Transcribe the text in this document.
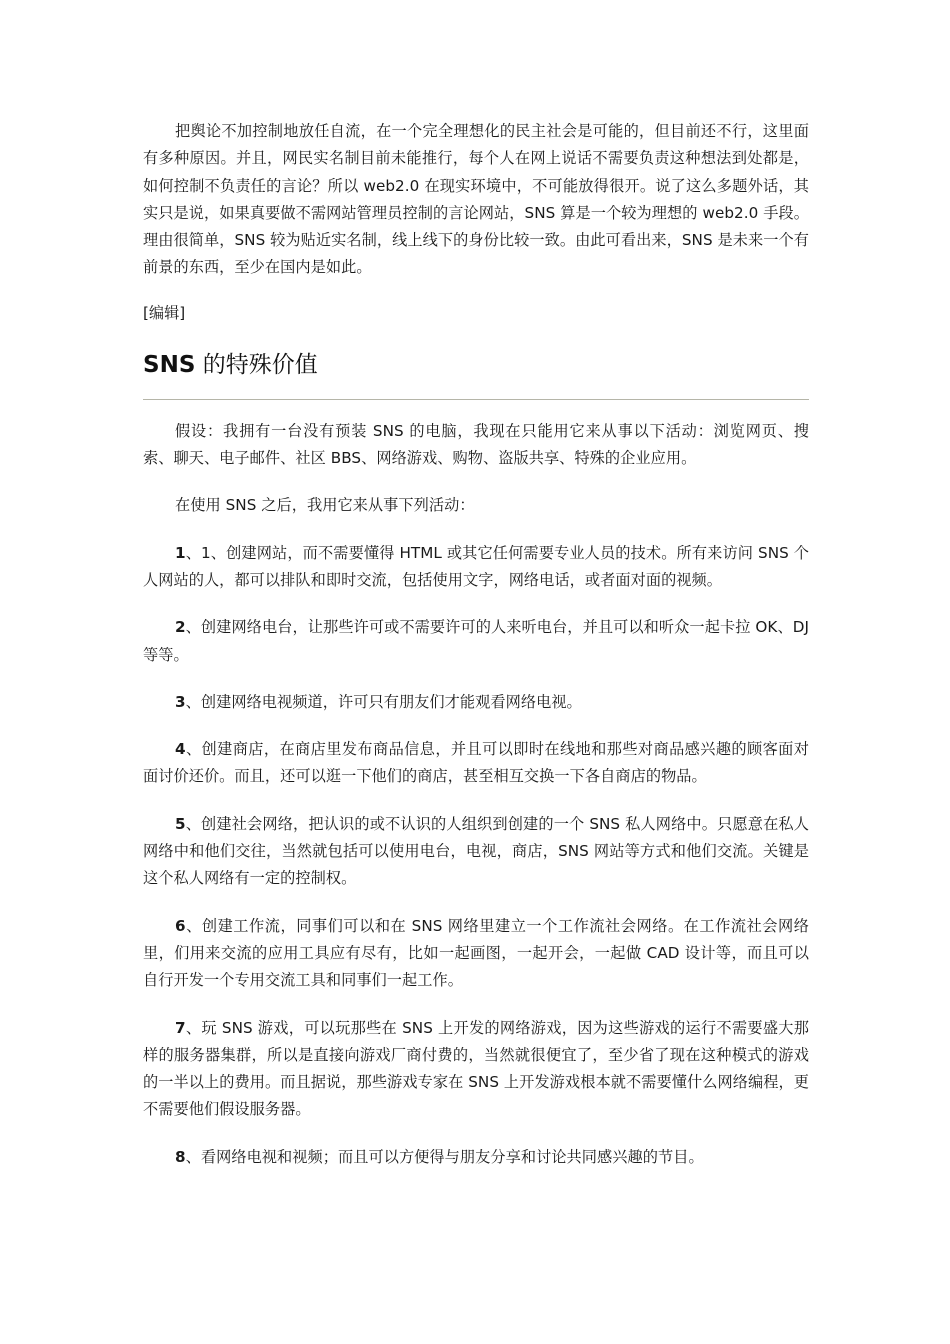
把舆论不加控制地放任自流，在一个完全理想化的民主社会是可能的，但目前还不行，这里面有多种原因。并且，网民实名制目前未能推行，每个人在网上说话不需要负责这种想法到处都是，如何控制不负责任的言论？所以 web2.0 在现实环境中，不可能放得很开。说了这么多题外话，其实只是说，如果真要做不需网站管理员控制的言论网站，SNS 算是一个较为理想的 web2.0 手段。理由很简单，SNS 较为贴近实名制，线上线下的身份比较一致。由此可看出来，SNS 是未来一个有前景的东西，至少在国内是如此。

[编辑]

SNS 的特殊价值

假设：我拥有一台没有预装 SNS 的电脑，我现在只能用它来从事以下活动：浏览网页、搜索、聊天、电子邮件、社区 BBS、网络游戏、购物、盗版共享、特殊的企业应用。

在使用 SNS 之后，我用它来从事下列活动：

1、1、创建网站，而不需要懂得 HTML 或其它任何需要专业人员的技术。所有来访问 SNS 个人网站的人，都可以排队和即时交流，包括使用文字，网络电话，或者面对面的视频。

2、创建网络电台，让那些许可或不需要许可的人来听电台，并且可以和听众一起卡拉 OK、DJ 等等。

3、创建网络电视频道，许可只有朋友们才能观看网络电视。

4、创建商店，在商店里发布商品信息，并且可以即时在线地和那些对商品感兴趣的顾客面对面讨价还价。而且，还可以逛一下他们的商店，甚至相互交换一下各自商店的物品。

5、创建社会网络，把认识的或不认识的人组织到创建的一个 SNS 私人网络中。只愿意在私人网络中和他们交往，当然就包括可以使用电台，电视，商店，SNS 网站等方式和他们交流。关键是这个私人网络有一定的控制权。

6、创建工作流，同事们可以和在 SNS 网络里建立一个工作流社会网络。在工作流社会网络里，们用来交流的应用工具应有尽有，比如一起画图，一起开会，一起做 CAD 设计等，而且可以自行开发一个专用交流工具和同事们一起工作。

7、玩 SNS 游戏，可以玩那些在 SNS 上开发的网络游戏，因为这些游戏的运行不需要盛大那样的服务器集群，所以是直接向游戏厂商付费的，当然就很便宜了，至少省了现在这种模式的游戏的一半以上的费用。而且据说，那些游戏专家在 SNS 上开发游戏根本就不需要懂什么网络编程，更不需要他们假设服务器。

8、看网络电视和视频；而且可以方便得与朋友分享和讨论共同感兴趣的节目。
